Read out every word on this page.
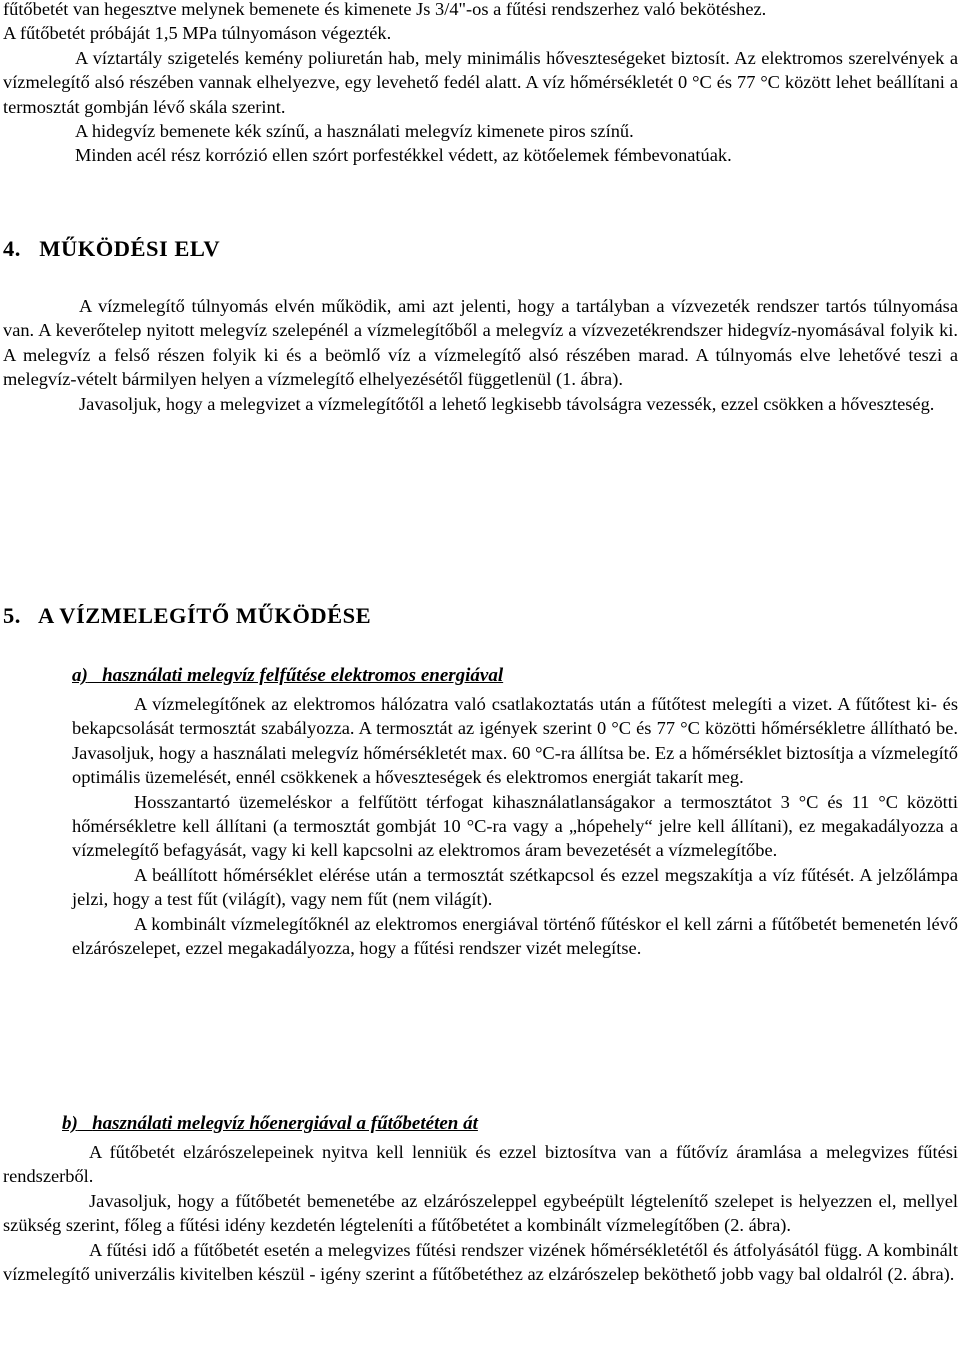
fűtőbetét van hegesztve melynek bemenete és kimenete Js 3/4"-os a fűtési rendszerhez való bekötéshez.

A fűtőbetét próbáját 1,5 MPa túlnyomáson végezték.

A víztartály szigetelés kemény poliuretán hab, mely minimális hőveszteségeket biztosít. Az elektromos szerelvények a vízmelegítő alsó részében vannak elhelyezve, egy levehető fedél alatt. A víz hőmérsékletét 0 °C és 77 °C között lehet beállítani a termosztát gombján lévő skála szerint.

A hidegvíz bemenete kék színű, a használati melegvíz kimenete piros színű.

Minden acél rész korrózió ellen szórt porfestékkel védett, az kötőelemek fémbevonatúak.

4.   MŰKÖDÉSI ELV

A vízmelegítő túlnyomás elvén működik, ami azt jelenti, hogy a tartályban a vízvezeték rendszer tartós túlnyomása van. A keverőtelep nyitott melegvíz szelepénél a vízmelegítőből a melegvíz a vízvezetékrendszer hidegvíz-nyomásával folyik ki. A melegvíz a felső részen folyik ki és a beömlő víz a vízmelegítő alsó részében marad. A túlnyomás elve lehetővé teszi a melegvíz-vételt bármilyen helyen a vízmelegítő elhelyezésétől függetlenül (1. ábra).

Javasoljuk, hogy a melegvizet a vízmelegítőtől a lehető legkisebb távolságra vezessék, ezzel csökken a hőveszteség.

5.   A VÍZMELEGÍTŐ MŰKÖDÉSE
a) használati melegvíz felfűtése elektromos energiával

A vízmelegítőnek az elektromos hálózatra való csatlakoztatás után a fűtőtest melegíti a vizet. A fűtőtest ki- és bekapcsolását termosztát szabályozza. A termosztát az igények szerint 0 °C és 77 °C közötti hőmérsékletre állítható be. Javasoljuk, hogy a használati melegvíz hőmérsékletét max. 60 °C-ra állítsa be. Ez a hőmérséklet biztosítja a vízmelegítő optimális üzemelését, ennél csökkenek a hőveszteségek és elektromos energiát takarít meg.

Hosszantartó üzemeléskor a felfűtött térfogat kihasználatlanságakor a termosztátot 3 °C és 11 °C közötti hőmérsékletre kell állítani (a termosztát gombját 10 °C-ra vagy a „hópehely“ jelre kell állítani), ez megakadályozza a vízmelegítő befagyását, vagy ki kell kapcsolni az elektromos áram bevezetését a vízmelegítőbe.

A beállított hőmérséklet elérése után a termosztát szétkapcsol és ezzel megszakítja a víz fűtését. A jelzőlámpa jelzi, hogy a test fűt (világít), vagy nem fűt (nem világít).

A kombinált vízmelegítőknél az elektromos energiával történő fűtéskor el kell zárni a fűtőbetét bemenetén lévő elzárószelepet, ezzel megakadályozza, hogy a fűtési rendszer vizét melegítse.

b) használati melegvíz hőenergiával a fűtőbetéten át

A fűtőbetét elzárószelepeinek nyitva kell lenniük és ezzel biztosítva van a fűtővíz áramlása a melegvizes fűtési rendszerből.

Javasoljuk, hogy a fűtőbetét bemenetébe az elzárószeleppel egybeépült légtelenítő szelepet is helyezzen el, mellyel szükség szerint, főleg a fűtési idény kezdetén légteleníti a fűtőbetétet a kombinált vízmelegítőben (2. ábra).

A fűtési idő a fűtőbetét esetén a melegvizes fűtési rendszer vizének hőmérsékletétől és átfolyásától függ. A kombinált vízmelegítő univerzális kivitelben készül - igény szerint a fűtőbetéthez az elzárószelep beköthető jobb vagy bal oldalról (2. ábra).
